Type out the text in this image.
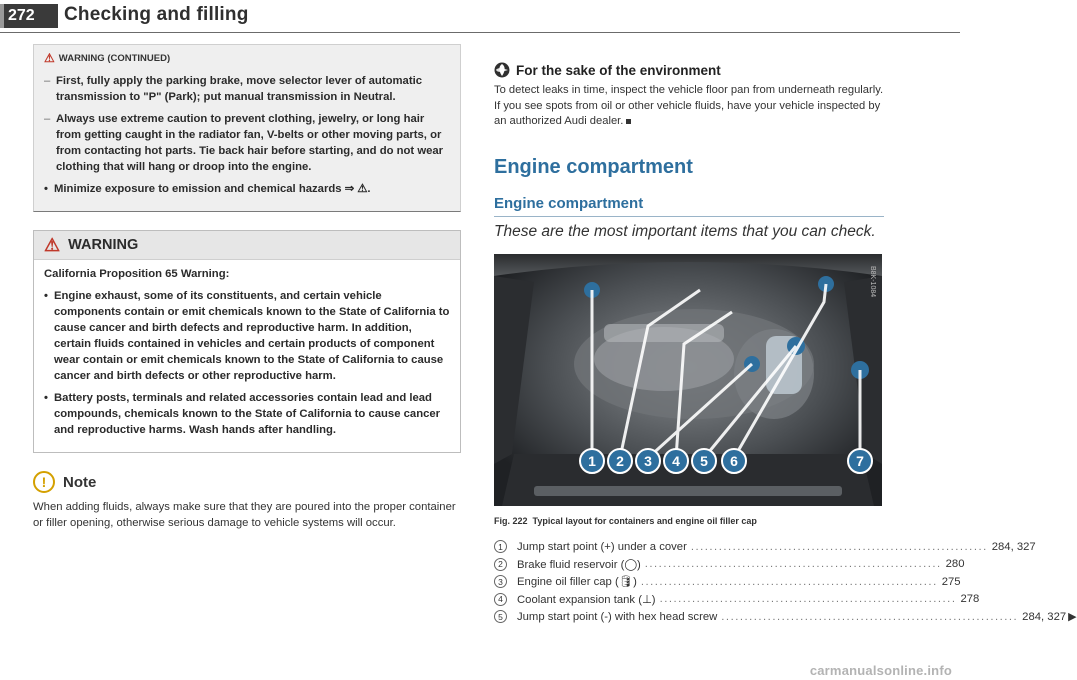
272	Checking and filling
⚠ WARNING (CONTINUED)
– First, fully apply the parking brake, move selector lever of automatic transmission to "P" (Park); put manual transmission in Neutral.
– Always use extreme caution to prevent clothing, jewelry, or long hair from getting caught in the radiator fan, V-belts or other moving parts, or from contacting hot parts. Tie back hair before starting, and do not wear clothing that will hang or droop into the engine.
• Minimize exposure to emission and chemical hazards ⇒ ⚠.
⚠ WARNING
California Proposition 65 Warning:
• Engine exhaust, some of its constituents, and certain vehicle components contain or emit chemicals known to the State of California to cause cancer and birth defects and reproductive harm. In addition, certain fluids contained in vehicles and certain products of component wear contain or emit chemicals known to the State of California to cause cancer and birth defects or other reproductive harm.
• Battery posts, terminals and related accessories contain lead and lead compounds, chemicals known to the State of California to cause cancer and reproductive harms. Wash hands after handling.
!	Note
When adding fluids, always make sure that they are poured into the proper container or filler opening, otherwise serious damage to vehicle systems will occur.
For the sake of the environment
To detect leaks in time, inspect the vehicle floor pan from underneath regularly. If you see spots from oil or other vehicle fluids, have your vehicle inspected by an authorized Audi dealer.
Engine compartment
Engine compartment
These are the most important items that you can check.
B8K-1084
1	2	3	4	5	6	7
Fig. 222 Typical layout for containers and engine oil filler cap
1	Jump start point (+) under a cover ................................................................ 284, 327
2	Brake fluid reservoir (◯) ................................................................ 280
3	Engine oil filler cap (🛢) ................................................................ 275
4	Coolant expansion tank (⊥) ................................................................ 278
5	Jump start point (-) with hex head screw ................................................................ 284, 327 ▶
carmanualsonline.info
